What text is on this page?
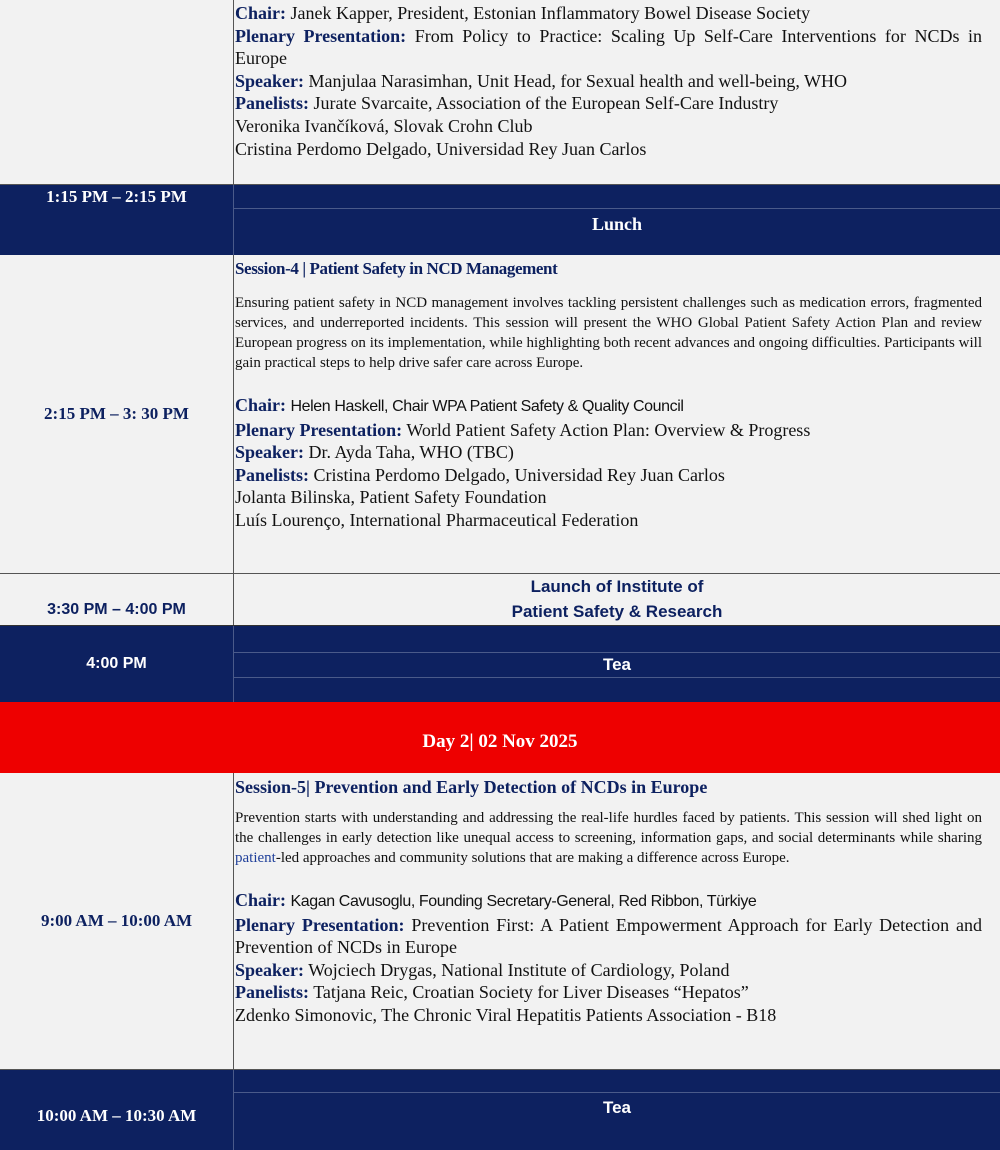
Chair: Janek Kapper, President, Estonian Inflammatory Bowel Disease Society
Plenary Presentation: From Policy to Practice: Scaling Up Self-Care Interventions for NCDs in Europe
Speaker: Manjulaa Narasimhan, Unit Head, for Sexual health and well-being, WHO
Panelists: Jurate Svarcaite, Association of the European Self-Care Industry
Veronika Ivančíková, Slovak Crohn Club
Cristina Perdomo Delgado, Universidad Rey Juan Carlos
1:15 PM – 2:15 PM
Lunch
2:15 PM – 3: 30 PM
Session-4 | Patient Safety in NCD Management
Ensuring patient safety in NCD management involves tackling persistent challenges such as medication errors, fragmented services, and underreported incidents. This session will present the WHO Global Patient Safety Action Plan and review European progress on its implementation, while highlighting both recent advances and ongoing difficulties. Participants will gain practical steps to help drive safer care across Europe.
Chair: Helen Haskell, Chair WPA Patient Safety & Quality Council
Plenary Presentation: World Patient Safety Action Plan: Overview & Progress
Speaker: Dr. Ayda Taha, WHO (TBC)
Panelists: Cristina Perdomo Delgado, Universidad Rey Juan Carlos
Jolanta Bilinska, Patient Safety Foundation
Luís Lourenço, International Pharmaceutical Federation
3:30 PM – 4:00 PM
Launch of Institute of
Patient Safety & Research
4:00 PM	Tea
Day 2| 02 Nov 2025
9:00 AM – 10:00 AM
Session-5| Prevention and Early Detection of NCDs in Europe
Prevention starts with understanding and addressing the real-life hurdles faced by patients. This session will shed light on the challenges in early detection like unequal access to screening, information gaps, and social determinants while sharing patient-led approaches and community solutions that are making a difference across Europe.
Chair: Kagan Cavusoglu, Founding Secretary-General, Red Ribbon, Türkiye
Plenary Presentation: Prevention First: A Patient Empowerment Approach for Early Detection and Prevention of NCDs in Europe
Speaker: Wojciech Drygas, National Institute of Cardiology, Poland
Panelists: Tatjana Reic, Croatian Society for Liver Diseases “Hepatos”
Zdenko Simonovic, The Chronic Viral Hepatitis Patients Association - B18
10:00 AM – 10:30 AM	Tea
